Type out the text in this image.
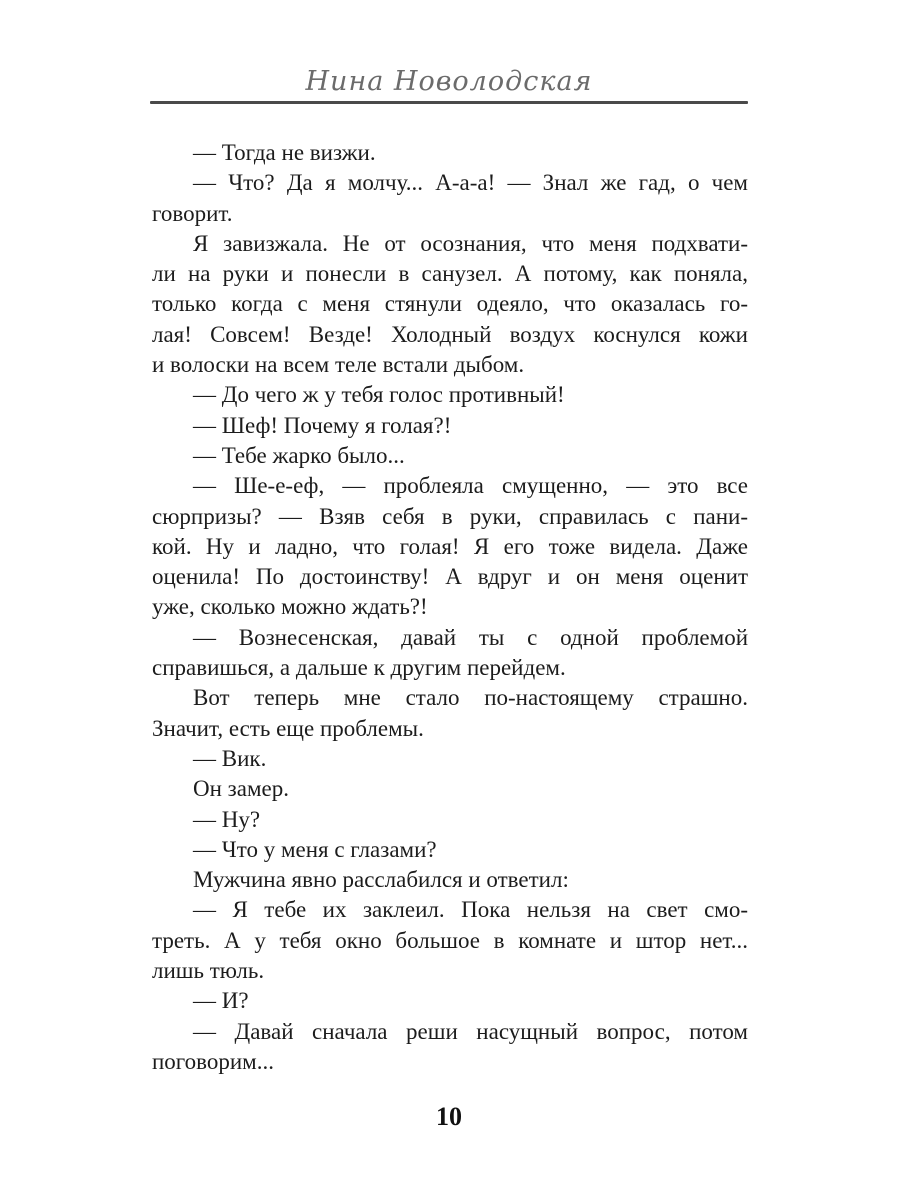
Нина Новолодская
— Тогда не визжи.
— Что? Да я молчу... А-а-а! — Знал же гад, о чем
говорит.
Я завизжала. Не от осознания, что меня подхвати-
ли на руки и понесли в санузел. А потому, как поняла,
только когда с меня стянули одеяло, что оказалась го-
лая! Совсем! Везде! Холодный воздух коснулся кожи
и волоски на всем теле встали дыбом.
— До чего ж у тебя голос противный!
— Шеф! Почему я голая?!
— Тебе жарко было...
— Ше-е-еф, — проблеяла смущенно, — это все
сюрпризы? — Взяв себя в руки, справилась с пани-
кой. Ну и ладно, что голая! Я его тоже видела. Даже
оценила! По достоинству! А вдруг и он меня оценит
уже, сколько можно ждать?!
— Вознесенская, давай ты с одной проблемой
справишься, а дальше к другим перейдем.
Вот теперь мне стало по-настоящему страшно.
Значит, есть еще проблемы.
— Вик.
Он замер.
— Ну?
— Что у меня с глазами?
Мужчина явно расслабился и ответил:
— Я тебе их заклеил. Пока нельзя на свет смо-
треть. А у тебя окно большое в комнате и штор нет...
лишь тюль.
— И?
— Давай сначала реши насущный вопрос, потом
поговорим...
10
